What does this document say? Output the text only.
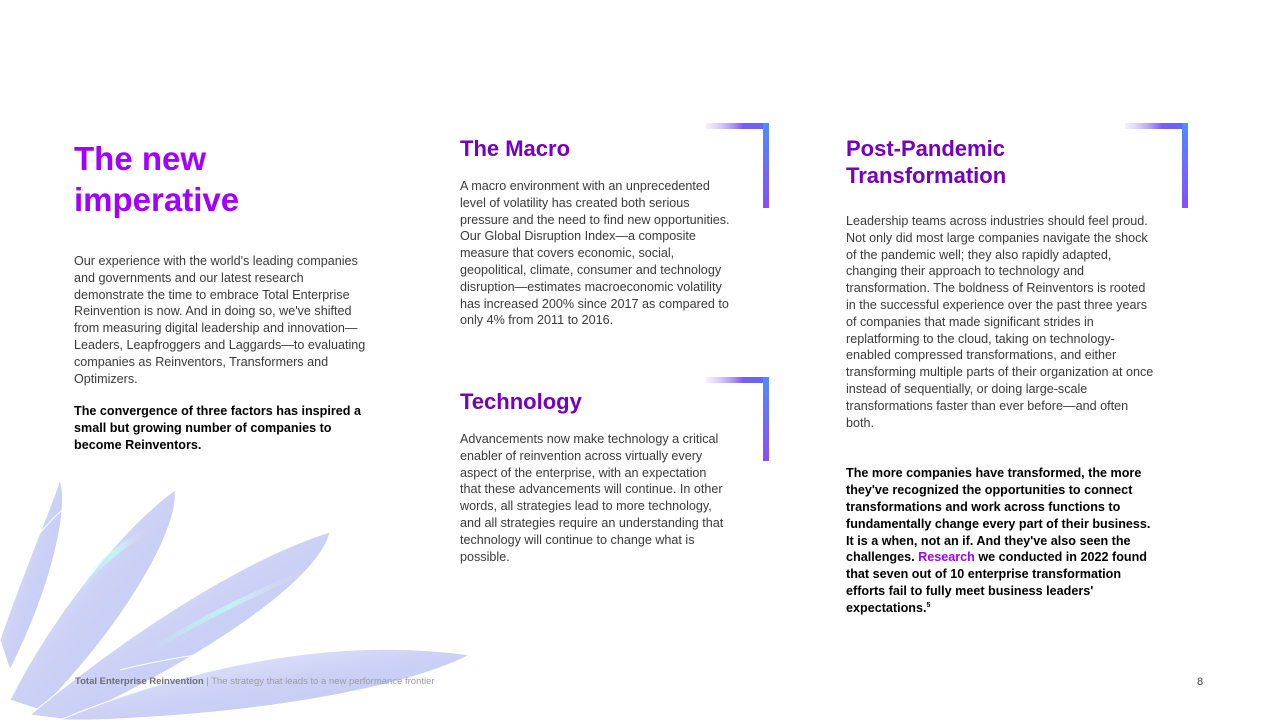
The new
imperative

Our experience with the world's leading companies and governments and our latest research demonstrate the time to embrace Total Enterprise Reinvention is now. And in doing so, we've shifted from measuring digital leadership and innovation—Leaders, Leapfroggers and Laggards—to evaluating companies as Reinventors, Transformers and Optimizers.

The convergence of three factors has inspired a small but growing number of companies to become Reinventors.

The Macro

A macro environment with an unprecedented level of volatility has created both serious pressure and the need to find new opportunities. Our Global Disruption Index—a composite measure that covers economic, social, geopolitical, climate, consumer and technology disruption—estimates macroeconomic volatility has increased 200% since 2017 as compared to only 4% from 2011 to 2016.

Technology

Advancements now make technology a critical enabler of reinvention across virtually every aspect of the enterprise, with an expectation that these advancements will continue. In other words, all strategies lead to more technology, and all strategies require an understanding that technology will continue to change what is possible.

Post-Pandemic
Transformation

Leadership teams across industries should feel proud. Not only did most large companies navigate the shock of the pandemic well; they also rapidly adapted, changing their approach to technology and transformation. The boldness of Reinventors is rooted in the successful experience over the past three years of companies that made significant strides in replatforming to the cloud, taking on technology-enabled compressed transformations, and either transforming multiple parts of their organization at once instead of sequentially, or doing large-scale transformations faster than ever before—and often both.

The more companies have transformed, the more they've recognized the opportunities to connect transformations and work across functions to fundamentally change every part of their business. It is a when, not an if. And they've also seen the challenges. Research we conducted in 2022 found that seven out of 10 enterprise transformation efforts fail to fully meet business leaders' expectations.$^5$

Total Enterprise Reinvention | The strategy that leads to a new performance frontier	8
